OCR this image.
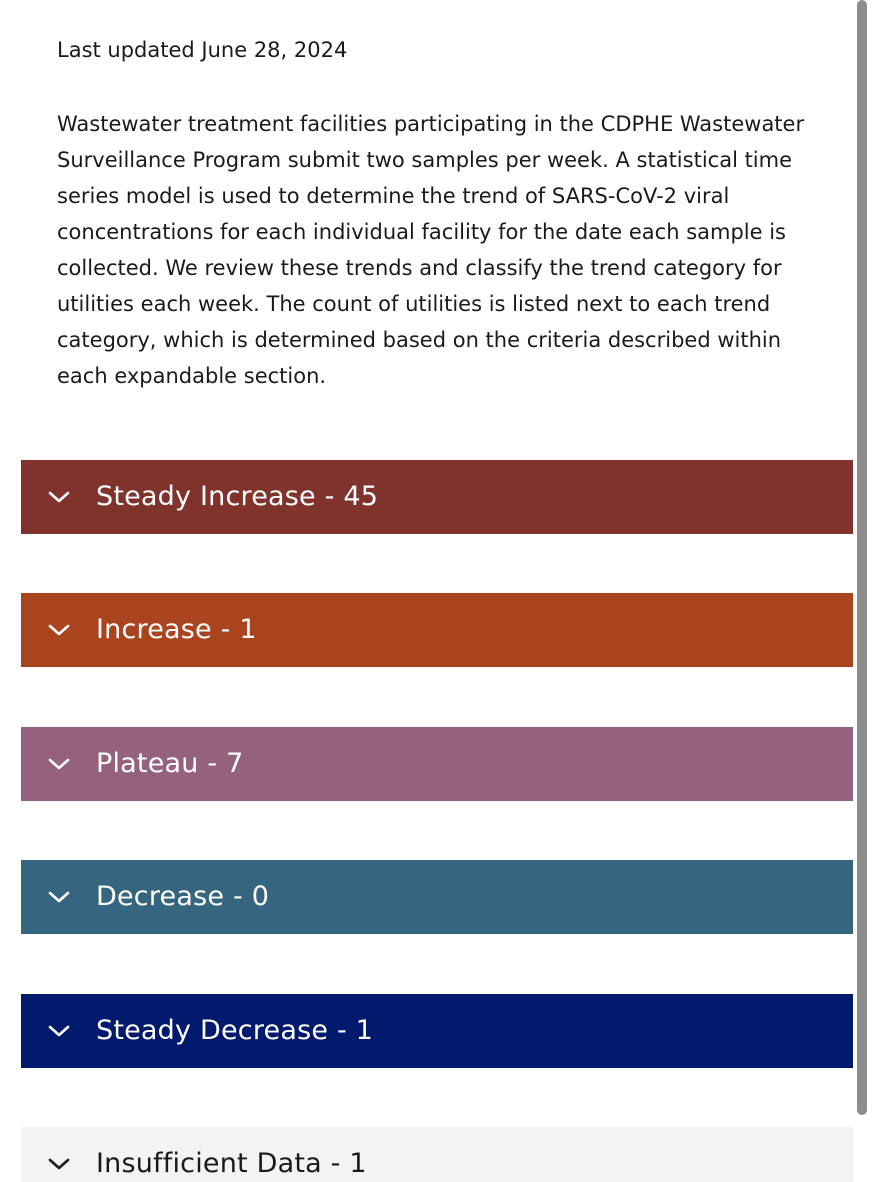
Last updated June 28, 2024

Wastewater treatment facilities participating in the CDPHE Wastewater Surveillance Program submit two samples per week. A statistical time series model is used to determine the trend of SARS-CoV-2 viral concentrations for each individual facility for the date each sample is collected. We review these trends and classify the trend category for utilities each week. The count of utilities is listed next to each trend category, which is determined based on the criteria described within each expandable section.

Steady Increase - 45
Increase - 1
Plateau - 7
Decrease - 0
Steady Decrease - 1
Insufficient Data - 1
